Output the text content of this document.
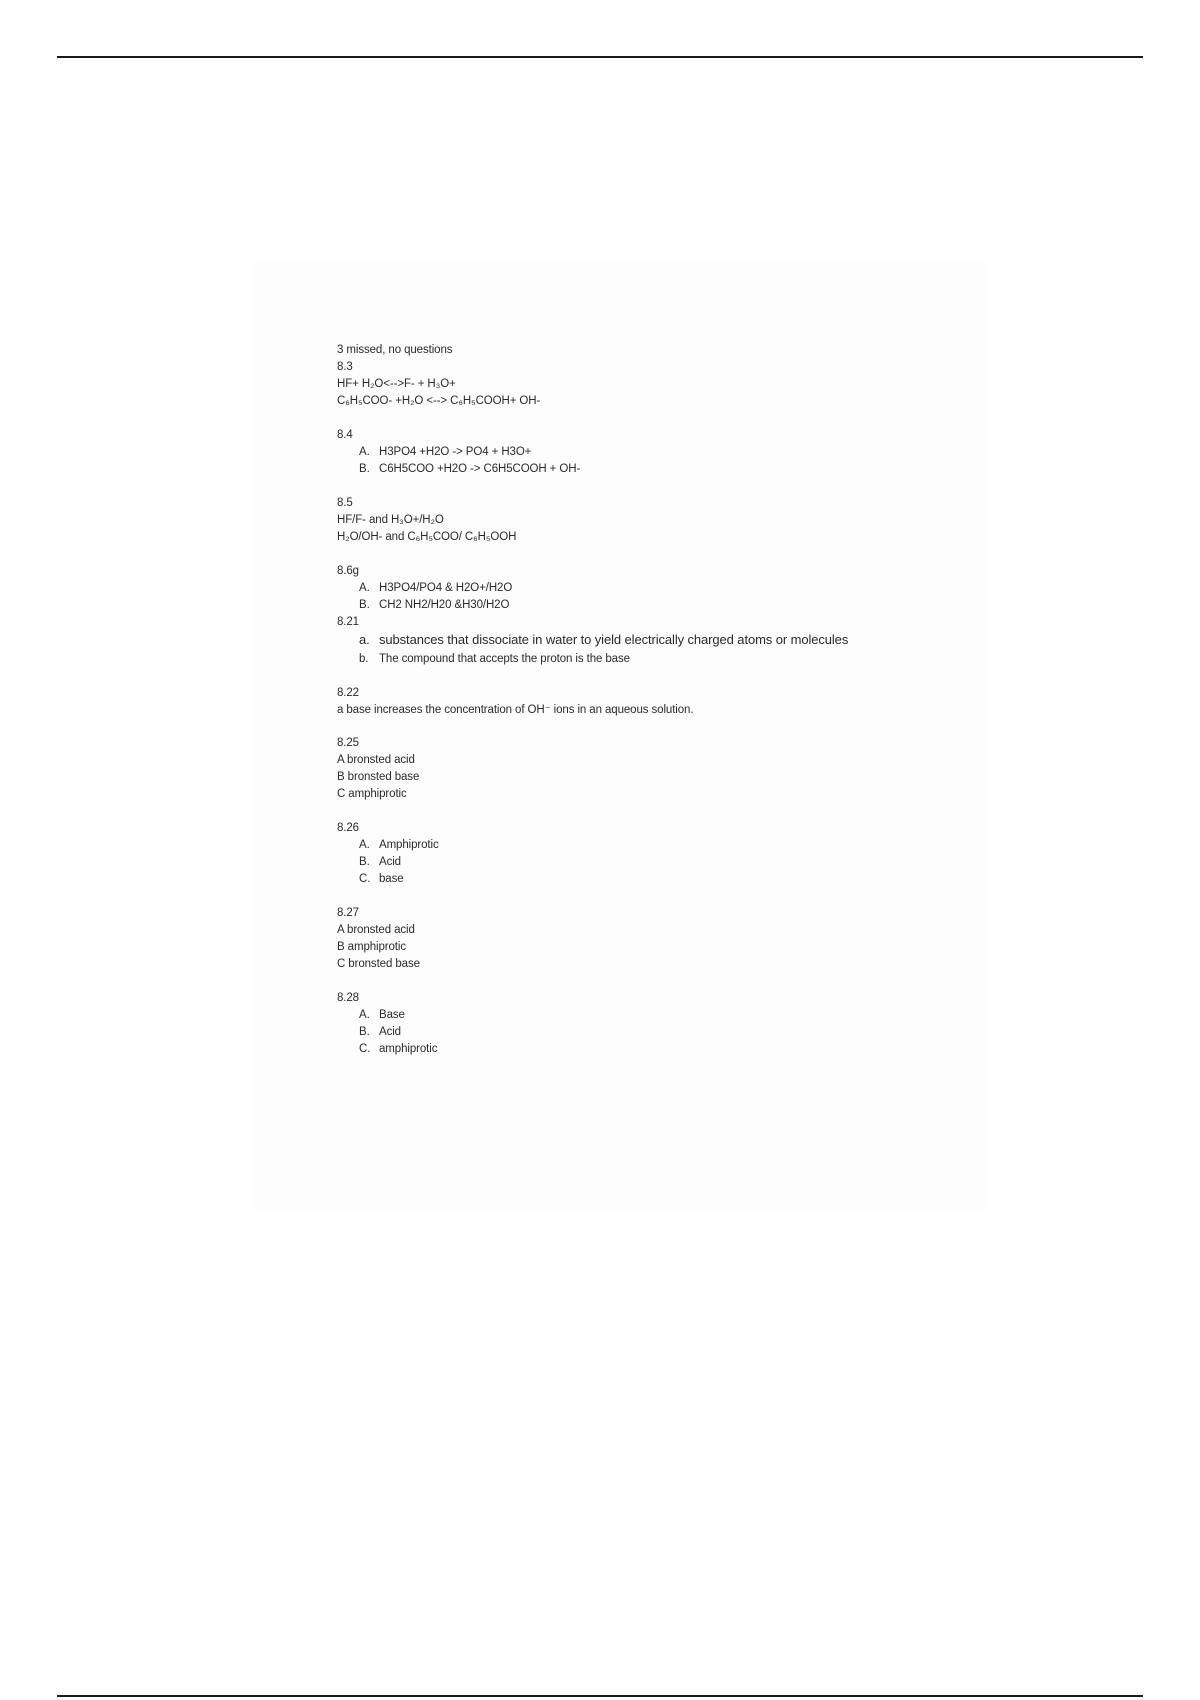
3 missed, no questions
8.3
HF+ H₂O<-->F- + H₃O+
C₆H₅COO- +H₂O <--> C₆H₅COOH+ OH-
8.4
A. H3PO4 +H2O -> PO4 + H3O+
B. C6H5COO +H2O -> C6H5COOH + OH-
8.5
HF/F- and H₃O+/H₂O
H₂O/OH- and C₆H₅COO/ C₆H₅OOH
8.6g
A. H3PO4/PO4 & H2O+/H2O
B. CH2 NH2/H20 &H30/H2O
8.21
a. substances that dissociate in water to yield electrically charged atoms or molecules
b. The compound that accepts the proton is the base
8.22
a base increases the concentration of OH⁻ ions in an aqueous solution.
8.25
A bronsted acid
B bronsted base
C amphiprotic
8.26
A. Amphiprotic
B. Acid
C. base
8.27
A bronsted acid
B amphiprotic
C bronsted base
8.28
A. Base
B. Acid
C. amphiprotic
